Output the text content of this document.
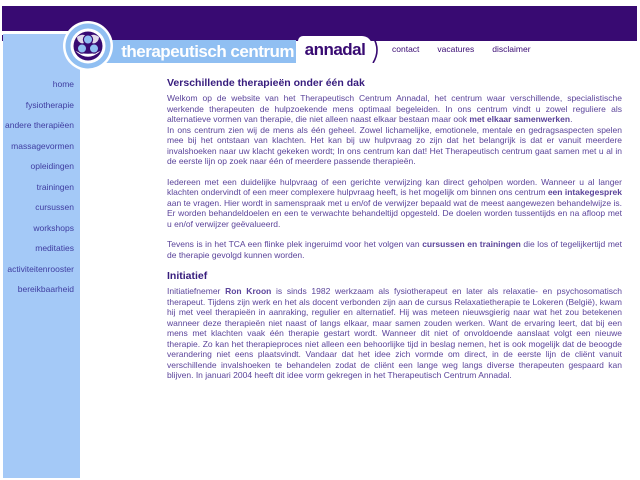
therapeutisch centrum annadal	contact vacatures disclaimer
home
fysiotherapie
andere therapiëen
massagevormen
opleidingen
trainingen
cursussen
workshops
meditaties
activiteitenrooster
bereikbaarheid
Verschillende therapieën onder één dak

Welkom op de website van het Therapeutisch Centrum Annadal, het centrum waar verschillende, specialistische werkende therapeuten de hulpzoekende mens optimaal begeleiden. In ons centrum vindt u zowel reguliere als alternatieve vormen van therapie, die niet alleen naast elkaar bestaan maar ook met elkaar samenwerken.
In ons centrum zien wij de mens als één geheel. Zowel lichamelijke, emotionele, mentale en gedragsaspecten spelen mee bij het ontstaan van klachten. Het kan bij uw hulpvraag zo zijn dat het belangrijk is dat er vanuit meerdere invalshoeken naar uw klacht gekeken wordt; In ons centrum kan dat! Het Therapeutisch centrum gaat samen met u al in de eerste lijn op zoek naar één of meerdere passende therapieën.

Iedereen met een duidelijke hulpvraag of een gerichte verwijzing kan direct geholpen worden. Wanneer u al langer klachten ondervindt of een meer complexere hulpvraag heeft, is het mogelijk om binnen ons centrum een intakegesprek aan te vragen. Hier wordt in samenspraak met u en/of de verwijzer bepaald wat de meest aangewezen behandelwijze is. Er worden behandeldoelen en een te verwachte behandeltijd opgesteld. De doelen worden tussentijds en na afloop met u en/of verwijzer geëvalueerd.

Tevens is in het TCA een flinke plek ingeruimd voor het volgen van cursussen en trainingen die los of tegelijkertijd met de therapie gevolgd kunnen worden.

Initiatief

Initiatiefnemer Ron Kroon is sinds 1982 werkzaam als fysiotherapeut en later als relaxatie- en psychosomatisch therapeut. Tijdens zijn werk en het als docent verbonden zijn aan de cursus Relaxatietherapie te Lokeren (België), kwam hij met veel therapieën in aanraking, regulier en alternatief. Hij was meteen nieuwsgierig naar wat het zou betekenen wanneer deze therapieën niet naast of langs elkaar, maar samen zouden werken. Want de ervaring leert, dat bij een mens met klachten vaak één therapie gestart wordt. Wanneer dit niet of onvoldoende aanslaat volgt een nieuwe therapie. Zo kan het therapieproces niet alleen een behoorlijke tijd in beslag nemen, het is ook mogelijk dat de beoogde verandering niet eens plaatsvindt. Vandaar dat het idee zich vormde om direct, in de eerste lijn de cliënt vanuit verschillende invalshoeken te behandelen zodat de cliënt een lange weg langs diverse therapeuten gespaard kan blijven. In januari 2004 heeft dit idee vorm gekregen in het Therapeutisch Centrum Annadal.
